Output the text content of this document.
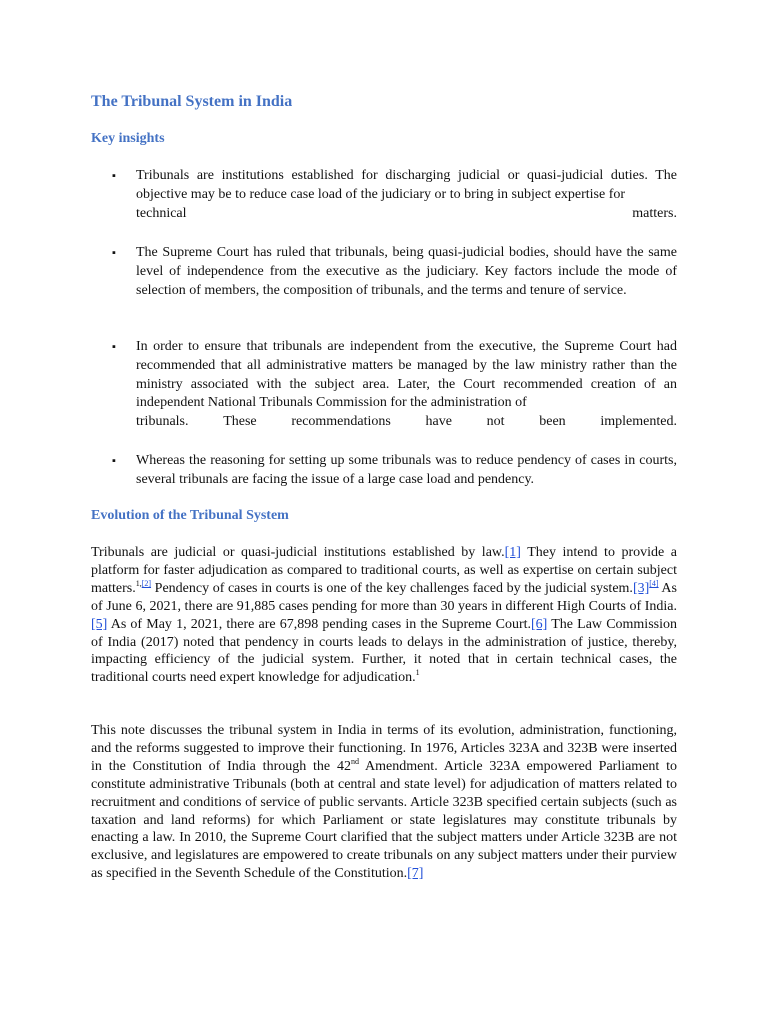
The Tribunal System in India
Key insights
▪ Tribunals are institutions established for discharging judicial or quasi-judicial duties. The objective may be to reduce case load of the judiciary or to bring in subject expertise for
technical	matters.
▪ The Supreme Court has ruled that tribunals, being quasi-judicial bodies, should have the same level of independence from the executive as the judiciary. Key factors include the mode of selection of members, the composition of tribunals, and the terms and tenure of service.
▪ In order to ensure that tribunals are independent from the executive, the Supreme Court had recommended that all administrative matters be managed by the law ministry rather than the ministry associated with the subject area. Later, the Court recommended creation of an independent National Tribunals Commission for the administration of
tribunals. These recommendations have not been implemented.
▪ Whereas the reasoning for setting up some tribunals was to reduce pendency of cases in courts, several tribunals are facing the issue of a large case load and pendency.
Evolution of the Tribunal System
Tribunals are judicial or quasi-judicial institutions established by law.[1] They intend to provide a platform for faster adjudication as compared to traditional courts, as well as expertise on certain subject matters.$^{1,[2]}$ Pendency of cases in courts is one of the key challenges faced by the judicial system.[3][4] As of June 6, 2021, there are 91,885 cases pending for more than 30 years in different High Courts of India.[5] As of May 1, 2021, there are 67,898 pending cases in the Supreme Court.[6] The Law Commission of India (2017) noted that pendency in courts leads to delays in the administration of justice, thereby, impacting efficiency of the judicial system. Further, it noted that in certain technical cases, the traditional courts need expert knowledge for adjudication.$^1$
This note discusses the tribunal system in India in terms of its evolution, administration, functioning, and the reforms suggested to improve their functioning. In 1976, Articles 323A and 323B were inserted in the Constitution of India through the 42nd Amendment. Article 323A empowered Parliament to constitute administrative Tribunals (both at central and state level) for adjudication of matters related to recruitment and conditions of service of public servants. Article 323B specified certain subjects (such as taxation and land reforms) for which Parliament or state legislatures may constitute tribunals by enacting a law. In 2010, the Supreme Court clarified that the subject matters under Article 323B are not exclusive, and legislatures are empowered to create tribunals on any subject matters under their purview as specified in the Seventh Schedule of the Constitution.[7]
